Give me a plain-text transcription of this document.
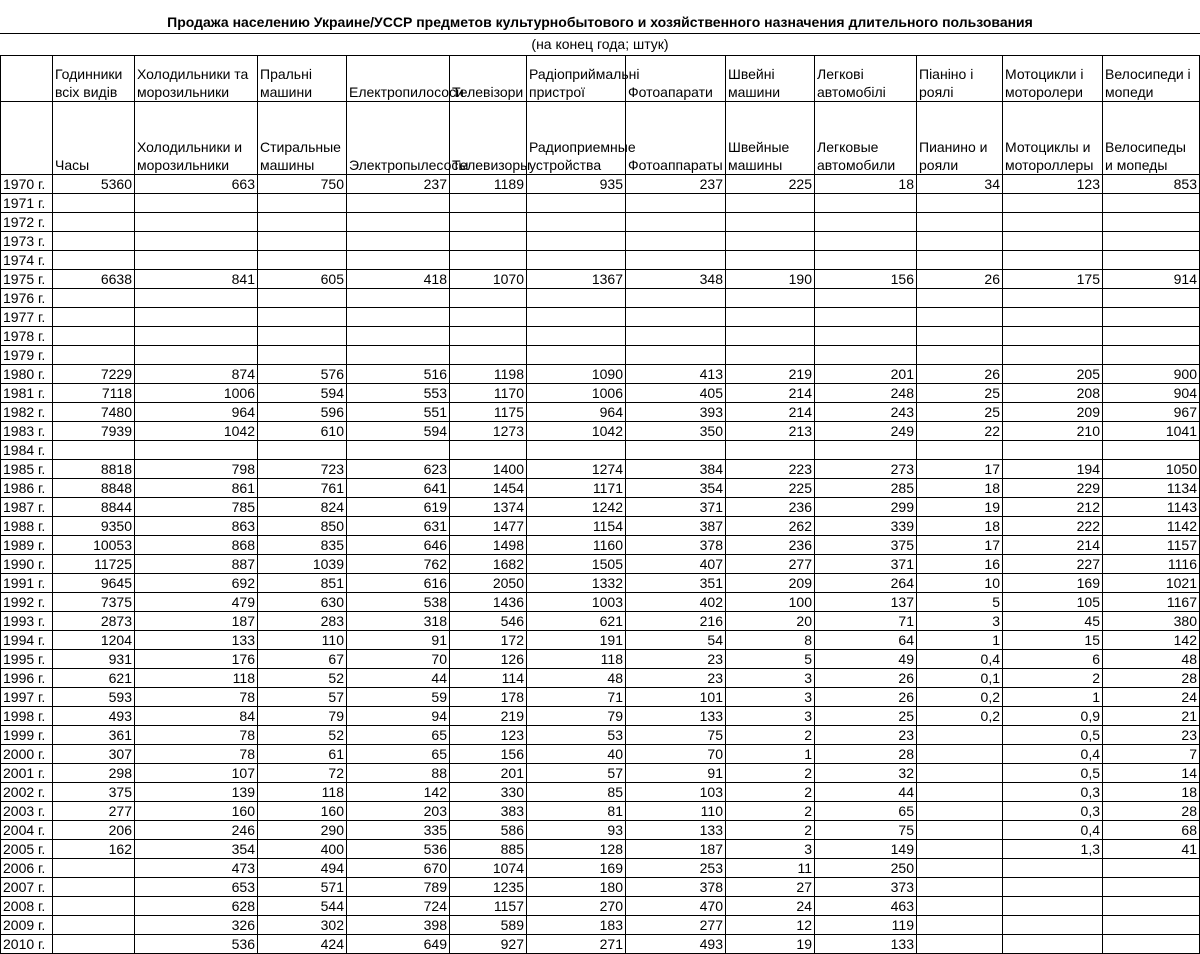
Продажа населению Украине/УССР предметов культурнобытового и хозяйственного назначения длительного пользования
(на конец года; штук)
	Годинники всіх видів	Холодильники та морозильники	Пральні машини	Електропилососи	Телевізори	Радіоприймальні пристрої	Фотоапарати	Швейні машини	Легкові автомобілі	Піаніно і роялі	Мотоцикли і моторолери	Велосипеди і мопеди
	Часы	Холодильники и морозильники	Стиральные машины	Электропылесосы	Телевизоры	Радиоприемные устройства	Фотоаппараты	Швейные машины	Легковые автомобили	Пианино и рояли	Мотоциклы и мотороллеры	Велосипеды и мопеды
1970 г.	5360	663	750	237	1189	935	237	225	18	34	123	853
1971 г.												
1972 г.												
1973 г.												
1974 г.												
1975 г.	6638	841	605	418	1070	1367	348	190	156	26	175	914
1976 г.												
1977 г.												
1978 г.												
1979 г.												
1980 г.	7229	874	576	516	1198	1090	413	219	201	26	205	900
1981 г.	7118	1006	594	553	1170	1006	405	214	248	25	208	904
1982 г.	7480	964	596	551	1175	964	393	214	243	25	209	967
1983 г.	7939	1042	610	594	1273	1042	350	213	249	22	210	1041
1984 г.												
1985 г.	8818	798	723	623	1400	1274	384	223	273	17	194	1050
1986 г.	8848	861	761	641	1454	1171	354	225	285	18	229	1134
1987 г.	8844	785	824	619	1374	1242	371	236	299	19	212	1143
1988 г.	9350	863	850	631	1477	1154	387	262	339	18	222	1142
1989 г.	10053	868	835	646	1498	1160	378	236	375	17	214	1157
1990 г.	11725	887	1039	762	1682	1505	407	277	371	16	227	1116
1991 г.	9645	692	851	616	2050	1332	351	209	264	10	169	1021
1992 г.	7375	479	630	538	1436	1003	402	100	137	5	105	1167
1993 г.	2873	187	283	318	546	621	216	20	71	3	45	380
1994 г.	1204	133	110	91	172	191	54	8	64	1	15	142
1995 г.	931	176	67	70	126	118	23	5	49	0,4	6	48
1996 г.	621	118	52	44	114	48	23	3	26	0,1	2	28
1997 г.	593	78	57	59	178	71	101	3	26	0,2	1	24
1998 г.	493	84	79	94	219	79	133	3	25	0,2	0,9	21
1999 г.	361	78	52	65	123	53	75	2	23		0,5	23
2000 г.	307	78	61	65	156	40	70	1	28		0,4	7
2001 г.	298	107	72	88	201	57	91	2	32		0,5	14
2002 г.	375	139	118	142	330	85	103	2	44		0,3	18
2003 г.	277	160	160	203	383	81	110	2	65		0,3	28
2004 г.	206	246	290	335	586	93	133	2	75		0,4	68
2005 г.	162	354	400	536	885	128	187	3	149		1,3	41
2006 г.		473	494	670	1074	169	253	11	250			
2007 г.		653	571	789	1235	180	378	27	373			
2008 г.		628	544	724	1157	270	470	24	463			
2009 г.		326	302	398	589	183	277	12	119			
2010 г.		536	424	649	927	271	493	19	133			
